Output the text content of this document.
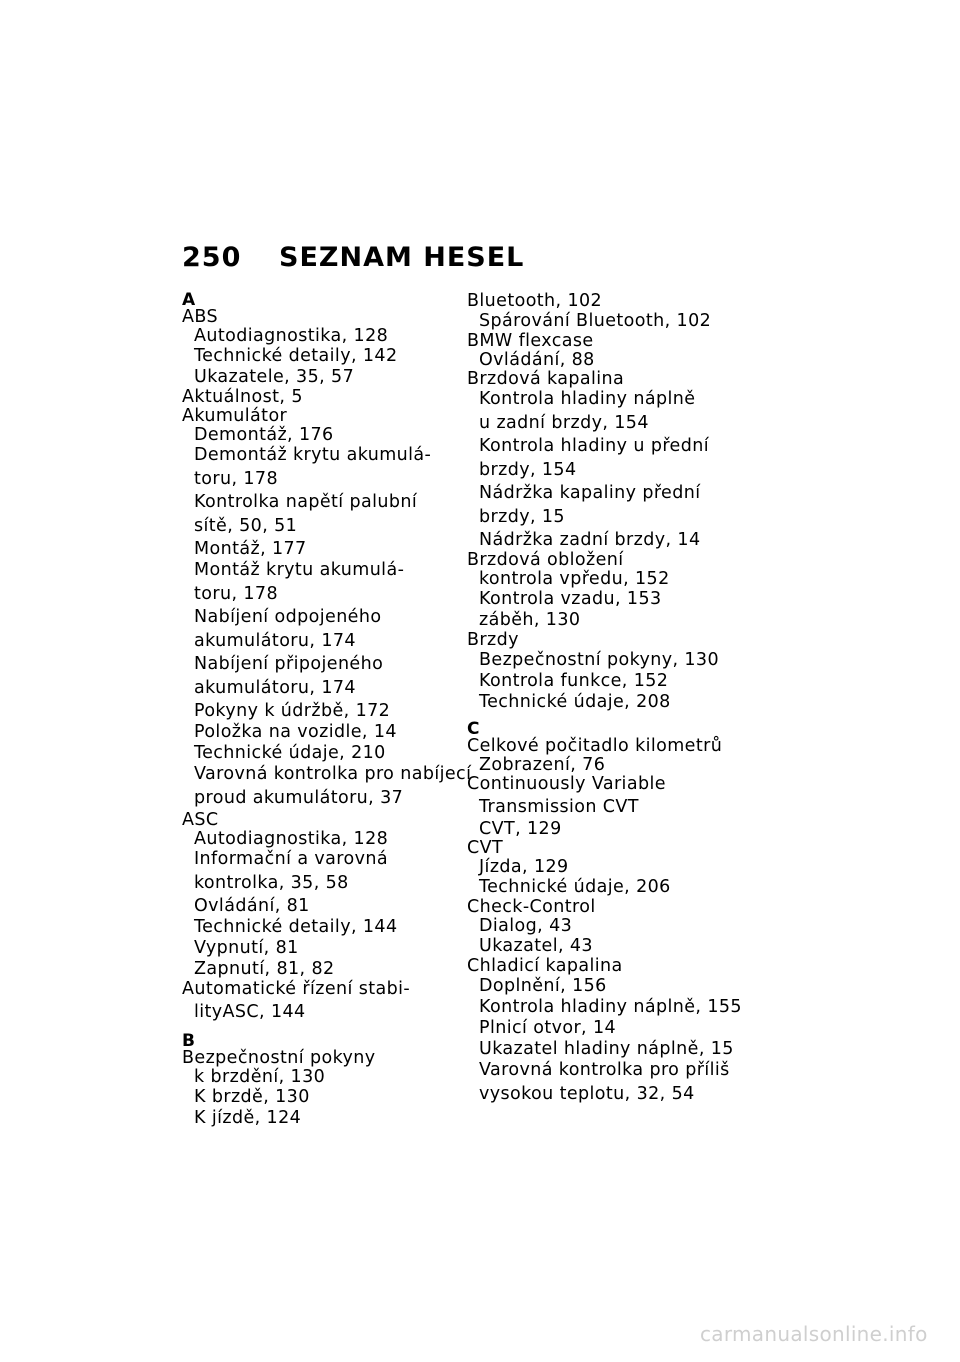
250 SEZNAM HESEL
A
ABS
Autodiagnostika, 128
Technické detaily, 142
Ukazatele, 35, 57
Aktuálnost, 5
Akumulátor
Demontáž, 176
Demontáž krytu akumulá-
toru, 178
Kontrolka napětí palubní
sítě, 50, 51
Montáž, 177
Montáž krytu akumulá-
toru, 178
Nabíjení odpojeného
akumulátoru, 174
Nabíjení připojeného
akumulátoru, 174
Pokyny k údržbě, 172
Položka na vozidle, 14
Technické údaje, 210
Varovná kontrolka pro nabíjecí
proud akumulátoru, 37
ASC
Autodiagnostika, 128
Informační a varovná
kontrolka, 35, 58
Ovládání, 81
Technické detaily, 144
Vypnutí, 81
Zapnutí, 81, 82
Automatické řízení stabi-
lityASC, 144
B
Bezpečnostní pokyny
k brzdění, 130
K brzdě, 130
K jízdě, 124
Bluetooth, 102
Spárování Bluetooth, 102
BMW flexcase
Ovládání, 88
Brzdová kapalina
Kontrola hladiny náplně
u zadní brzdy, 154
Kontrola hladiny u přední
brzdy, 154
Nádržka kapaliny přední
brzdy, 15
Nádržka zadní brzdy, 14
Brzdová obložení
kontrola vpředu, 152
Kontrola vzadu, 153
záběh, 130
Brzdy
Bezpečnostní pokyny, 130
Kontrola funkce, 152
Technické údaje, 208
C
Celkové počitadlo kilometrů
Zobrazení, 76
Continuously Variable
Transmission CVT
CVT, 129
CVT
Jízda, 129
Technické údaje, 206
Check-Control
Dialog, 43
Ukazatel, 43
Chladicí kapalina
Doplnění, 156
Kontrola hladiny náplně, 155
Plnicí otvor, 14
Ukazatel hladiny náplně, 15
Varovná kontrolka pro příliš
vysokou teplotu, 32, 54
carmanualsonline.info
